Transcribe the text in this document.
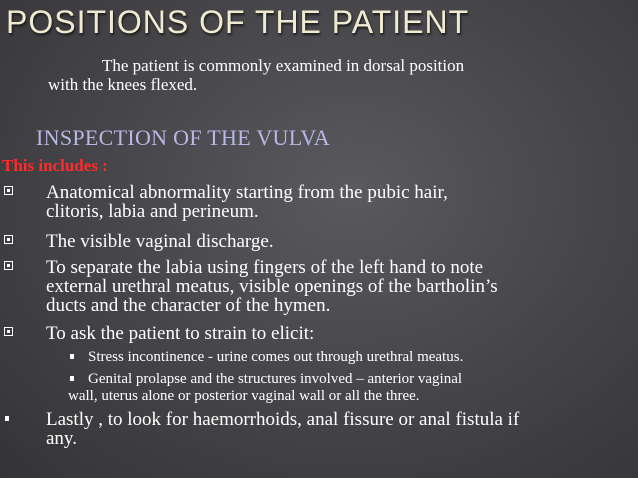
POSITIONS OF THE PATIENT
The patient is commonly examined in dorsal position
with the knees flexed.
INSPECTION OF THE VULVA
This includes :
Anatomical abnormality starting from the pubic hair,
clitoris, labia and perineum.
The visible vaginal discharge.
To separate the labia using fingers of the left hand to note
external urethral meatus, visible openings of the bartholin’s
ducts and the character of the hymen.
To ask the patient to strain to elicit:
Stress incontinence - urine comes out through urethral meatus.
Genital prolapse and the structures involved – anterior vaginal
wall, uterus alone or posterior vaginal wall or all the three.
Lastly , to look for haemorrhoids, anal fissure or anal fistula if
any.
